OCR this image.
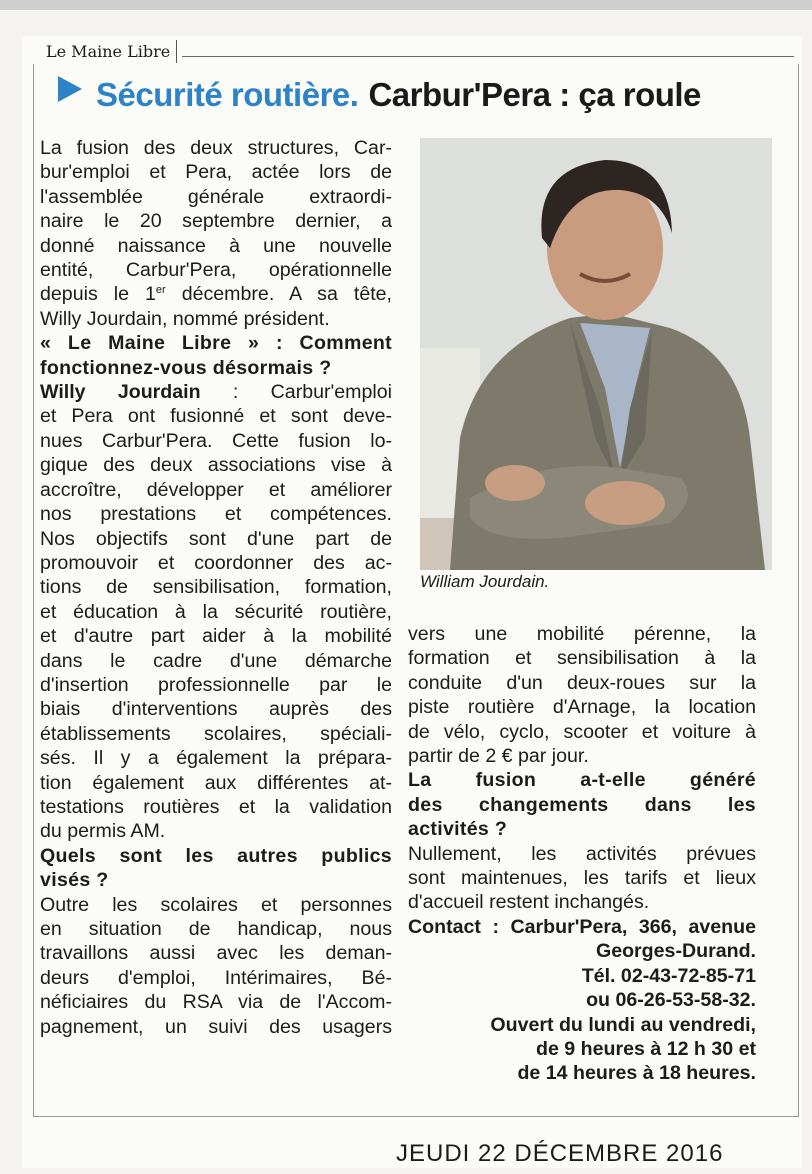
Le Maine Libre
Sécurité routière. Carbur'Pera : ça roule
La fusion des deux structures, Car-
bur'emploi et Pera, actée lors de
l'assemblée générale extraordi-
naire le 20 septembre dernier, a
donné naissance à une nouvelle
entité, Carbur'Pera, opérationnelle
depuis le 1er décembre. A sa tête,
Willy Jourdain, nommé président.
« Le Maine Libre » : Comment
fonctionnez-vous désormais ?
Willy Jourdain : Carbur'emploi
et Pera ont fusionné et sont deve-
nues Carbur'Pera. Cette fusion lo-
gique des deux associations vise à
accroître, développer et améliorer
nos prestations et compétences.
Nos objectifs sont d'une part de
promouvoir et coordonner des ac-
tions de sensibilisation, formation,
et éducation à la sécurité routière,
et d'autre part aider à la mobilité
dans le cadre d'une démarche
d'insertion professionnelle par le
biais d'interventions auprès des
établissements scolaires, spéciali-
sés. Il y a également la prépara-
tion également aux différentes at-
testations routières et la validation
du permis AM.
Quels sont les autres publics
visés ?
Outre les scolaires et personnes
en situation de handicap, nous
travaillons aussi avec les deman-
deurs d'emploi, Intérimaires, Bé-
néficiaires du RSA via de l'Accom-
pagnement, un suivi des usagers
William Jourdain.
vers une mobilité pérenne, la
formation et sensibilisation à la
conduite d'un deux-roues sur la
piste routière d'Arnage, la location
de vélo, cyclo, scooter et voiture à
partir de 2 € par jour.
La fusion a-t-elle généré
des changements dans les
activités ?
Nullement, les activités prévues
sont maintenues, les tarifs et lieux
d'accueil restent inchangés.
Contact : Carbur'Pera, 366, avenue
Georges-Durand.
Tél. 02-43-72-85-71
ou 06-26-53-58-32.
Ouvert du lundi au vendredi,
de 9 heures à 12 h 30 et
de 14 heures à 18 heures.
JEUDI 22 DÉCEMBRE 2016
